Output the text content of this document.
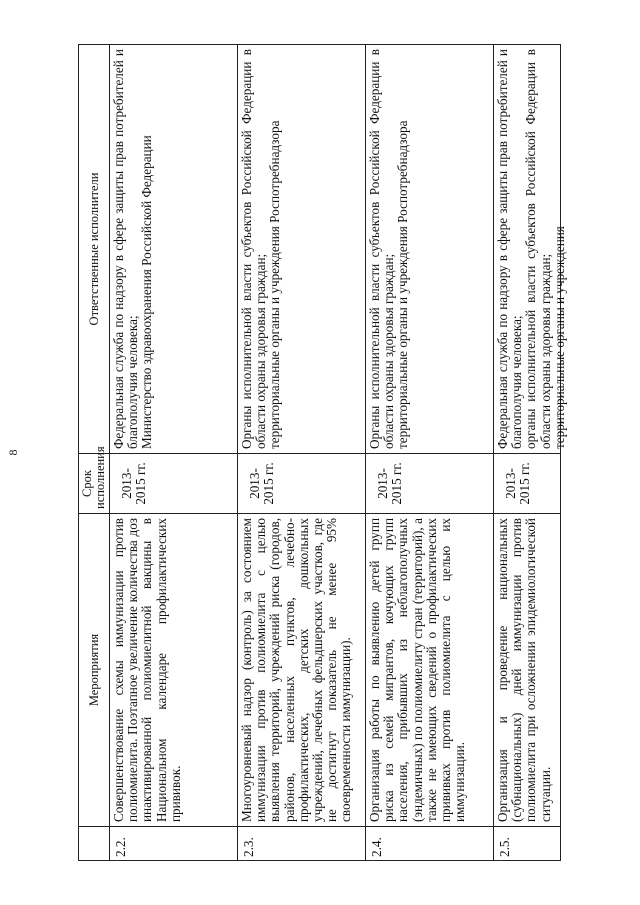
8
	Мероприятия	Срок исполнения	Ответственные исполнители
2.2.	Совершенствование схемы иммунизации против полиомиелита. Поэтапное увеличение количества доз инактивированной полиомиелитной вакцины в Национальном календаре профилактических прививок.	2013-2015 гг.	Федеральная служба по надзору в сфере защиты прав потребителей и благополучия человека; Министерство здравоохранения Российской Федерации

2.3.	Многоуровневый надзор (контроль) за состоянием иммунизации против полиомиелита с целью выявления территорий, учреждений риска (городов, районов, населенных пунктов, лечебно-профилактических, детских дошкольных учреждений, лечебных фельдшерских участков, где не достигнут показатель не менее 95% своевременности иммунизации).	2013-2015 гг.	Органы исполнительной власти субъектов Российской Федерации в области охраны здоровья граждан; территориальные органы и учреждения Роспотребнадзора

2.4.	Организация работы по выявлению детей групп риска из семей мигрантов, кочующих групп населения, прибывших из неблагополучных (эндемичных) по полиомиелиту стран (территорий), а также не имеющих сведений о профилактических прививках против полиомиелита с целью их иммунизации.	2013-2015 гг.	Органы исполнительной власти субъектов Российской Федерации в области охраны здоровья граждан; территориальные органы и учреждения Роспотребнадзора

2.5.	Организация и проведение национальных (субнациональных) дней иммунизации против полиомиелита при осложнении эпидемиологической ситуации.	2013-2015 гг.	Федеральная служба по надзору в сфере защиты прав потребителей и благополучия человека; органы исполнительной власти субъектов Российской Федерации в области охраны здоровья граждан; территориальные органы и учреждения
